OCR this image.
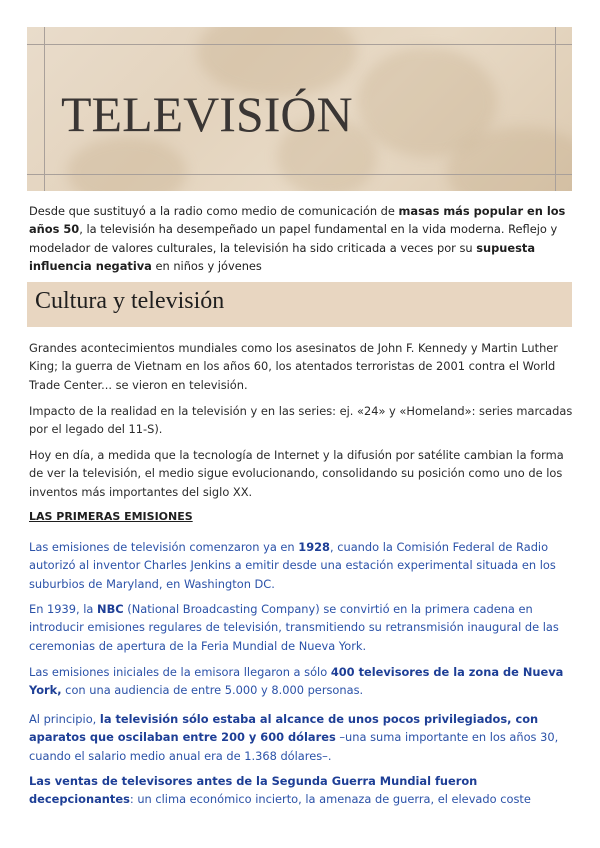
TELEVISIÓN

Desde que sustituyó a la radio como medio de comunicación de masas más popular en los años 50, la televisión ha desempeñado un papel fundamental en la vida moderna. Reflejo y modelador de valores culturales, la televisión ha sido criticada a veces por su supuesta influencia negativa en niños y jóvenes

Cultura y televisión

Grandes acontecimientos mundiales como los asesinatos de John F. Kennedy y Martin Luther King; la guerra de Vietnam en los años 60, los atentados terroristas de 2001 contra el World Trade Center... se vieron en televisión.

Impacto de la realidad en la televisión y en las series: ej. «24» y «Homeland»: series marcadas por el legado del 11-S).

Hoy en día, a medida que la tecnología de Internet y la difusión por satélite cambian la forma de ver la televisión, el medio sigue evolucionando, consolidando su posición como uno de los inventos más importantes del siglo XX.

LAS PRIMERAS EMISIONES

Las emisiones de televisión comenzaron ya en 1928, cuando la Comisión Federal de Radio autorizó al inventor Charles Jenkins a emitir desde una estación experimental situada en los suburbios de Maryland, en Washington DC.

En 1939, la NBC (National Broadcasting Company) se convirtió en la primera cadena en introducir emisiones regulares de televisión, transmitiendo su retransmisión inaugural de las ceremonias de apertura de la Feria Mundial de Nueva York.

Las emisiones iniciales de la emisora llegaron a sólo 400 televisores de la zona de Nueva York, con una audiencia de entre 5.000 y 8.000 personas.

Al principio, la televisión sólo estaba al alcance de unos pocos privilegiados, con aparatos que oscilaban entre 200 y 600 dólares –una suma importante en los años 30, cuando el salario medio anual era de 1.368 dólares–.

Las ventas de televisores antes de la Segunda Guerra Mundial fueron decepcionantes: un clima económico incierto, la amenaza de guerra, el elevado coste
